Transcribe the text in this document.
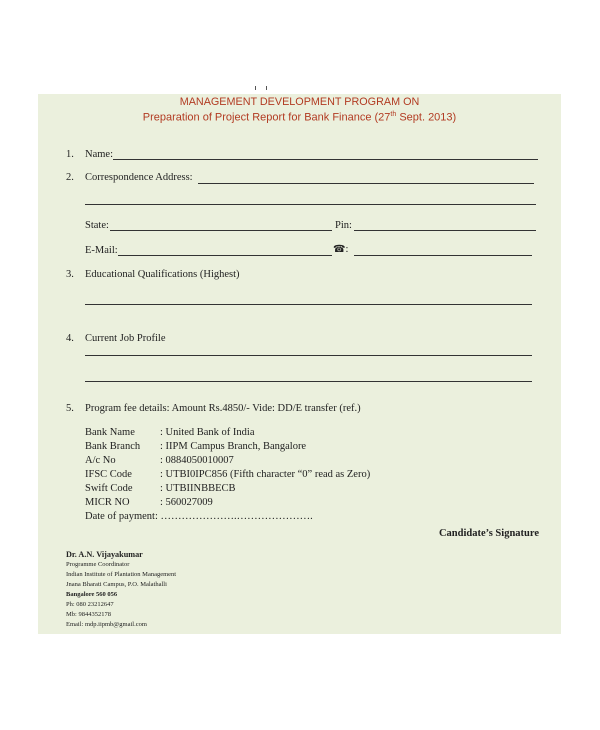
MANAGEMENT DEVELOPMENT PROGRAM ON
Preparation of Project Report for Bank Finance (27th Sept. 2013)
1.	Name:
2.	Correspondence Address:
State:	Pin:
E-Mail:	☎:
3.	Educational Qualifications (Highest)
4.	Current Job Profile
5.	Program fee details: Amount Rs.4850/- Vide: DD/E transfer (ref.)
Bank Name : United Bank of India
Bank Branch : IIPM Campus Branch, Bangalore
A/c No	: 0884050010007
IFSC Code	: UTBI0IPC856 (Fifth character “0” read as Zero)
Swift Code	: UTBIINBBECB
MICR NO	: 560027009
Date of payment: ………………….………………….
Candidate’s Signature
Dr. A.N. Vijayakumar
Programme Coordinator
Indian Institute of Plantation Management
Jnana Bharati Campus, P.O. Malathalli
Bangalore 560 056
Ph: 080 23212647
Mb: 9844352178
Email: mdp.iipmb@gmail.com
